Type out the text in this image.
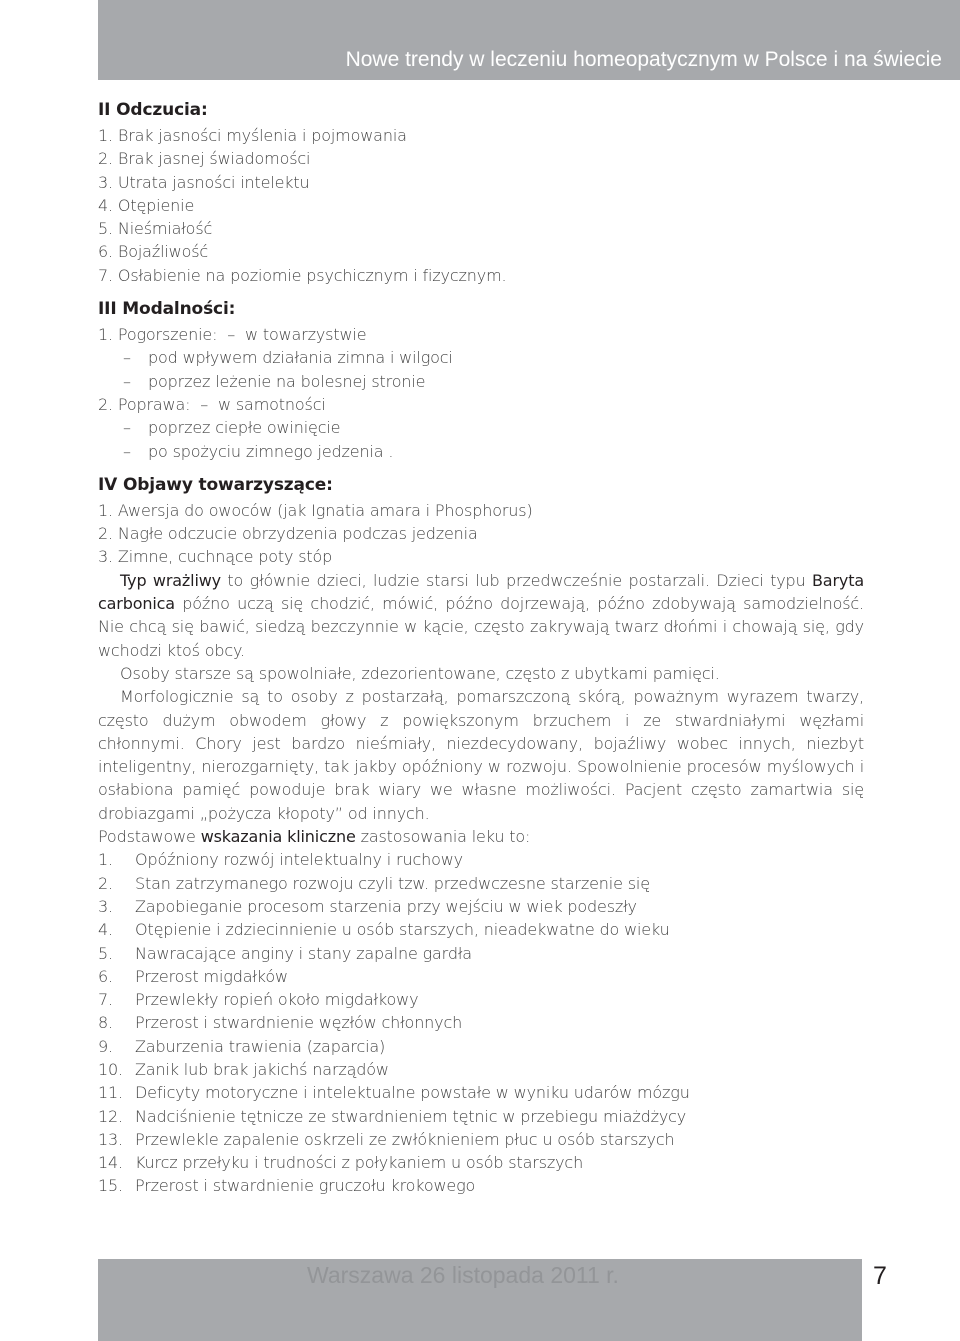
Nowe trendy w leczeniu homeopatycznym w Polsce i na świecie
II Odczucia:
1. Brak jasności myślenia i pojmowania
2. Brak jasnej świadomości
3. Utrata jasności intelektu
4. Otępienie
5. Nieśmiałość
6. Bojaźliwość
7. Osłabienie na poziomie psychicznym i fizycznym.
III Modalności:
1. Pogorszenie:  –  w towarzystwie
– pod wpływem działania zimna i wilgoci
– poprzez leżenie na bolesnej stronie
2. Poprawa:  –  w samotności
– poprzez ciepłe owinięcie
– po spożyciu zimnego jedzenia .
IV Objawy towarzyszące:
1. Awersja do owoców (jak Ignatia amara i Phosphorus)
2. Nagłe odczucie obrzydzenia podczas jedzenia
3. Zimne, cuchnące poty stóp
Typ wrażliwy to głównie dzieci, ludzie starsi lub przedwcześnie postarzali. Dzieci typu Baryta carbonica późno uczą się chodzić, mówić, późno dojrzewają, późno zdobywają samodzielność. Nie chcą się bawić, siedzą bezczynnie w kącie, często zakrywają twarz dłońmi i chowają się, gdy wchodzi ktoś obcy.
Osoby starsze są spowolniałe, zdezorientowane, często z ubytkami pamięci.
Morfologicznie są to osoby z postarzałą, pomarszczoną skórą, poważnym wyrazem twarzy, często dużym obwodem głowy z powiększonym brzuchem i ze stwardniałymi węzłami chłonnymi. Chory jest bardzo nieśmiały, niezdecydowany, bojaźliwy wobec innych, niezbyt inteligentny, nierozgarnięty, tak jakby opóźniony w rozwoju. Spowolnienie procesów myślowych i osłabiona pamięć powoduje brak wiary we własne możliwości. Pacjent często zamartwia się drobiazgami „pożycza kłopoty” od innych.
Podstawowe wskazania kliniczne zastosowania leku to:
1. Opóźniony rozwój intelektualny i ruchowy
2. Stan zatrzymanego rozwoju czyli tzw. przedwczesne starzenie się
3. Zapobieganie procesom starzenia przy wejściu w wiek podeszły
4. Otępienie i zdziecinnienie u osób starszych, nieadekwatne do wieku
5. Nawracające anginy i stany zapalne gardła
6. Przerost migdałków
7. Przewlekły ropień około migdałkowy
8. Przerost i stwardnienie węzłów chłonnych
9. Zaburzenia trawienia (zaparcia)
10. Zanik lub brak jakichś narządów
11. Deficyty motoryczne i intelektualne powstałe w wyniku udarów mózgu
12. Nadciśnienie tętnicze ze stwardnieniem tętnic w przebiegu miażdżycy
13. Przewlekle zapalenie oskrzeli ze zwłóknieniem płuc u osób starszych
14. Kurcz przełyku i trudności z połykaniem u osób starszych
15. Przerost i stwardnienie gruczołu krokowego
Warszawa 26 listopada 2011 r.	7
